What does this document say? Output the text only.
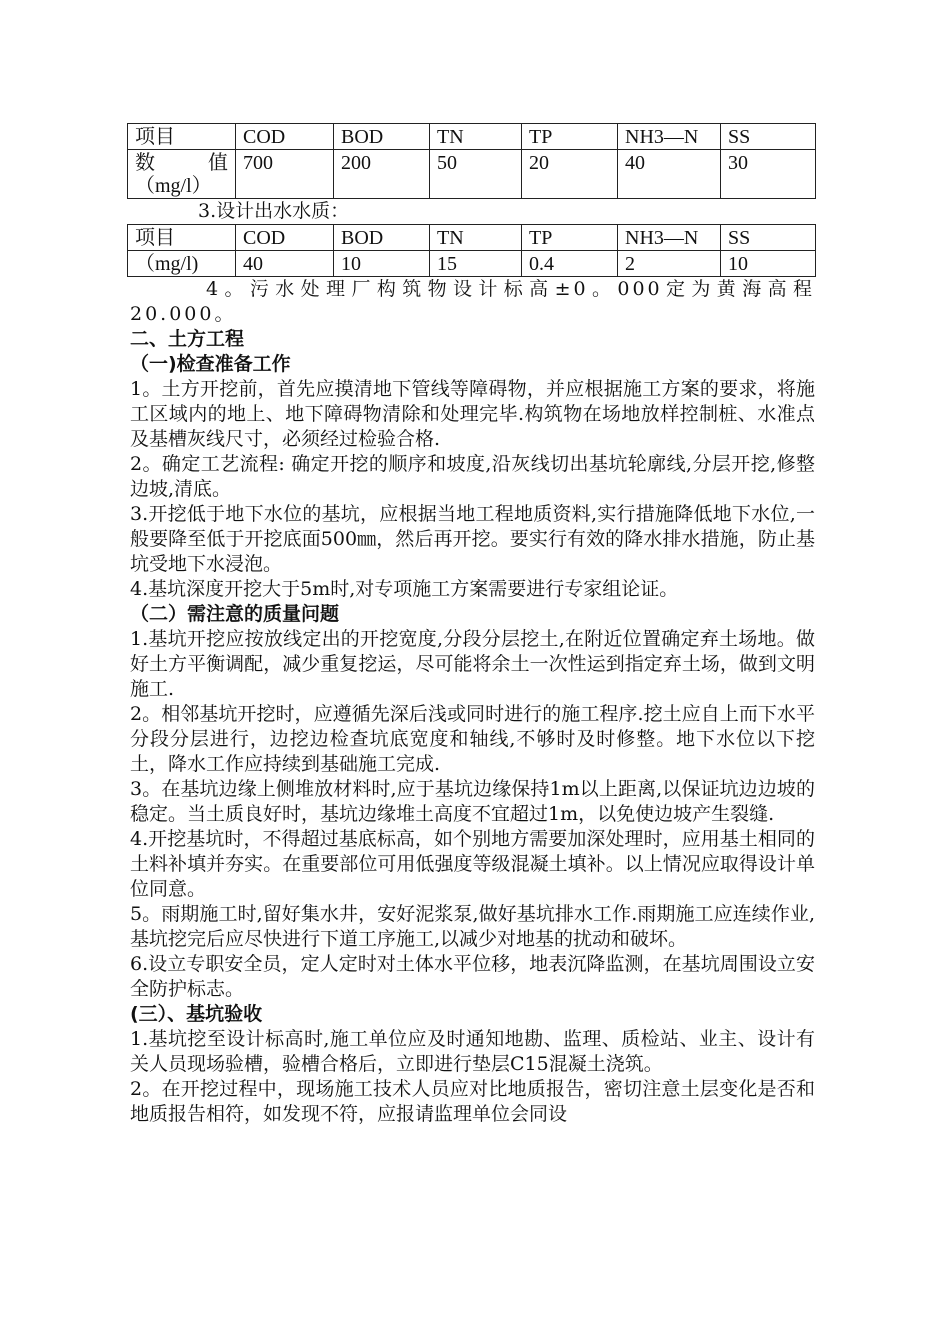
项目	COD	BOD	TN	TP	NH3—N	SS

数 值
（mg/l）	700	200	50	20	40	30

3.设计出水水质：

项目	COD	BOD	TN	TP	NH3—N	SS
（mg/l)	40	10	15	0.4	2	10

4。污水处理厂构筑物设计标高±0。000定为黄海高程20.000。

二、土方工程
（一)检查准备工作

1。土方开挖前，首先应摸清地下管线等障碍物，并应根据施工方案的要求，将施工区域内的地上、地下障碍物清除和处理完毕.构筑物在场地放样控制桩、水准点及基槽灰线尺寸，必须经过检验合格.

2。确定工艺流程: 确定开挖的顺序和坡度,沿灰线切出基坑轮廓线,分层开挖,修整边坡,清底。

3.开挖低于地下水位的基坑，应根据当地工程地质资料,实行措施降低地下水位,一般要降至低于开挖底面500㎜，然后再开挖。要实行有效的降水排水措施，防止基坑受地下水浸泡。

4.基坑深度开挖大于5m时,对专项施工方案需要进行专家组论证。

（二）需注意的质量问题

1.基坑开挖应按放线定出的开挖宽度,分段分层挖土,在附近位置确定弃土场地。做好土方平衡调配，减少重复挖运，尽可能将余土一次性运到指定弃土场，做到文明施工.

2。相邻基坑开挖时，应遵循先深后浅或同时进行的施工程序.挖土应自上而下水平分段分层进行，边挖边检查坑底宽度和轴线,不够时及时修整。地下水位以下挖土，降水工作应持续到基础施工完成.

3。在基坑边缘上侧堆放材料时,应于基坑边缘保持1m以上距离,以保证坑边边坡的稳定。当土质良好时，基坑边缘堆土高度不宜超过1m，以免使边坡产生裂缝.

4.开挖基坑时，不得超过基底标高，如个别地方需要加深处理时，应用基土相同的土料补填并夯实。在重要部位可用低强度等级混凝土填补。以上情况应取得设计单位同意。

5。雨期施工时,留好集水井，安好泥浆泵,做好基坑排水工作.雨期施工应连续作业,基坑挖完后应尽快进行下道工序施工,以减少对地基的扰动和破坏。

6.设立专职安全员，定人定时对土体水平位移，地表沉降监测，在基坑周围设立安全防护标志。

(三）、基坑验收

1.基坑挖至设计标高时,施工单位应及时通知地勘、监理、质检站、业主、设计有关人员现场验槽，验槽合格后，立即进行垫层C15混凝土浇筑。

2。在开挖过程中，现场施工技术人员应对比地质报告，密切注意土层变化是否和地质报告相符，如发现不符，应报请监理单位会同设
